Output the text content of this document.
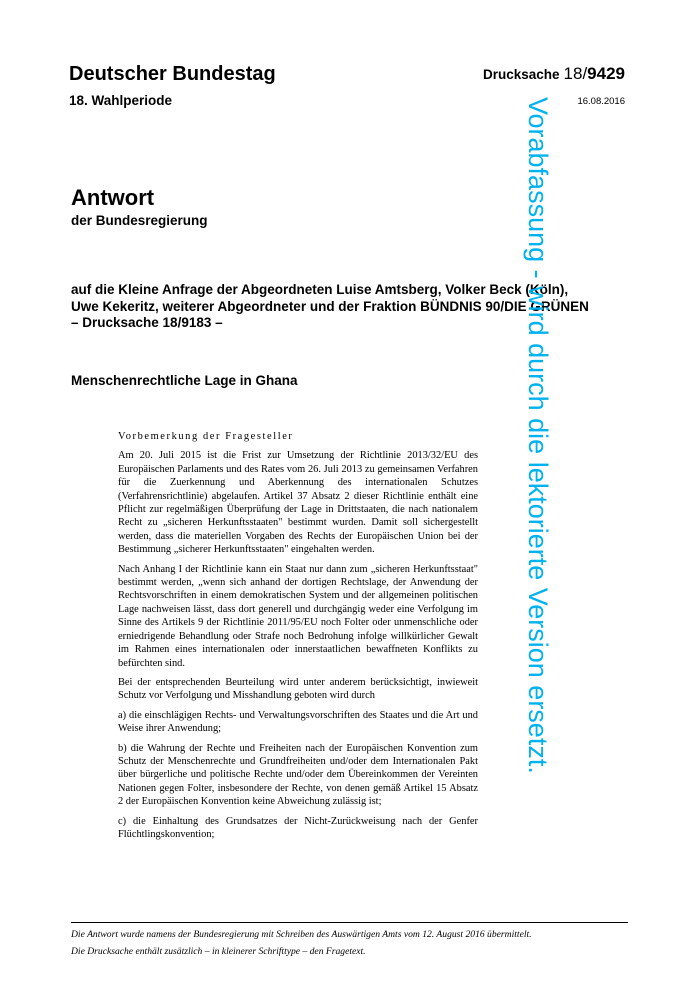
Deutscher Bundestag
18. Wahlperiode
Drucksache 18/9429
16.08.2016
Antwort
der Bundesregierung
auf die Kleine Anfrage der Abgeordneten Luise Amtsberg, Volker Beck (Köln),
Uwe Kekeritz, weiterer Abgeordneter und der Fraktion BÜNDNIS 90/DIE GRÜNEN
– Drucksache 18/9183 –
Menschenrechtliche Lage in Ghana
Vorbemerkung der Fragesteller

Am 20. Juli 2015 ist die Frist zur Umsetzung der Richtlinie 2013/32/EU des Europäischen Parlaments und des Rates vom 26. Juli 2013 zu gemeinsamen Verfahren für die Zuerkennung und Aberkennung des internationalen Schutzes (Verfahrensrichtlinie) abgelaufen. Artikel 37 Absatz 2 dieser Richtlinie enthält eine Pflicht zur regelmäßigen Überprüfung der Lage in Drittstaaten, die nach nationalem Recht zu „sicheren Herkunftsstaaten" bestimmt wurden. Damit soll sichergestellt werden, dass die materiellen Vorgaben des Rechts der Europäischen Union bei der Bestimmung „sicherer Herkunftsstaaten" eingehalten werden.

Nach Anhang I der Richtlinie kann ein Staat nur dann zum „sicheren Herkunftsstaat" bestimmt werden, „wenn sich anhand der dortigen Rechtslage, der Anwendung der Rechtsvorschriften in einem demokratischen System und der allgemeinen politischen Lage nachweisen lässt, dass dort generell und durchgängig weder eine Verfolgung im Sinne des Artikels 9 der Richtlinie 2011/95/EU noch Folter oder unmenschliche oder erniedrigende Behandlung oder Strafe noch Bedrohung infolge willkürlicher Gewalt im Rahmen eines internationalen oder innerstaatlichen bewaffneten Konflikts zu befürchten sind.

Bei der entsprechenden Beurteilung wird unter anderem berücksichtigt, inwieweit Schutz vor Verfolgung und Misshandlung geboten wird durch

a) die einschlägigen Rechts- und Verwaltungsvorschriften des Staates und die Art und Weise ihrer Anwendung;

b) die Wahrung der Rechte und Freiheiten nach der Europäischen Konvention zum Schutz der Menschenrechte und Grundfreiheiten und/oder dem Internationalen Pakt über bürgerliche und politische Rechte und/oder dem Übereinkommen der Vereinten Nationen gegen Folter, insbesondere der Rechte, von denen gemäß Artikel 15 Absatz 2 der Europäischen Konvention keine Abweichung zulässig ist;

c) die Einhaltung des Grundsatzes der Nicht-Zurückweisung nach der Genfer Flüchtlingskonvention;

Die Antwort wurde namens der Bundesregierung mit Schreiben des Auswärtigen Amts vom 12. August 2016 übermittelt.
Die Drucksache enthält zusätzlich – in kleinerer Schrifttype – den Fragetext.
Vorabfassung - wird durch die lektorierte Version ersetzt.
